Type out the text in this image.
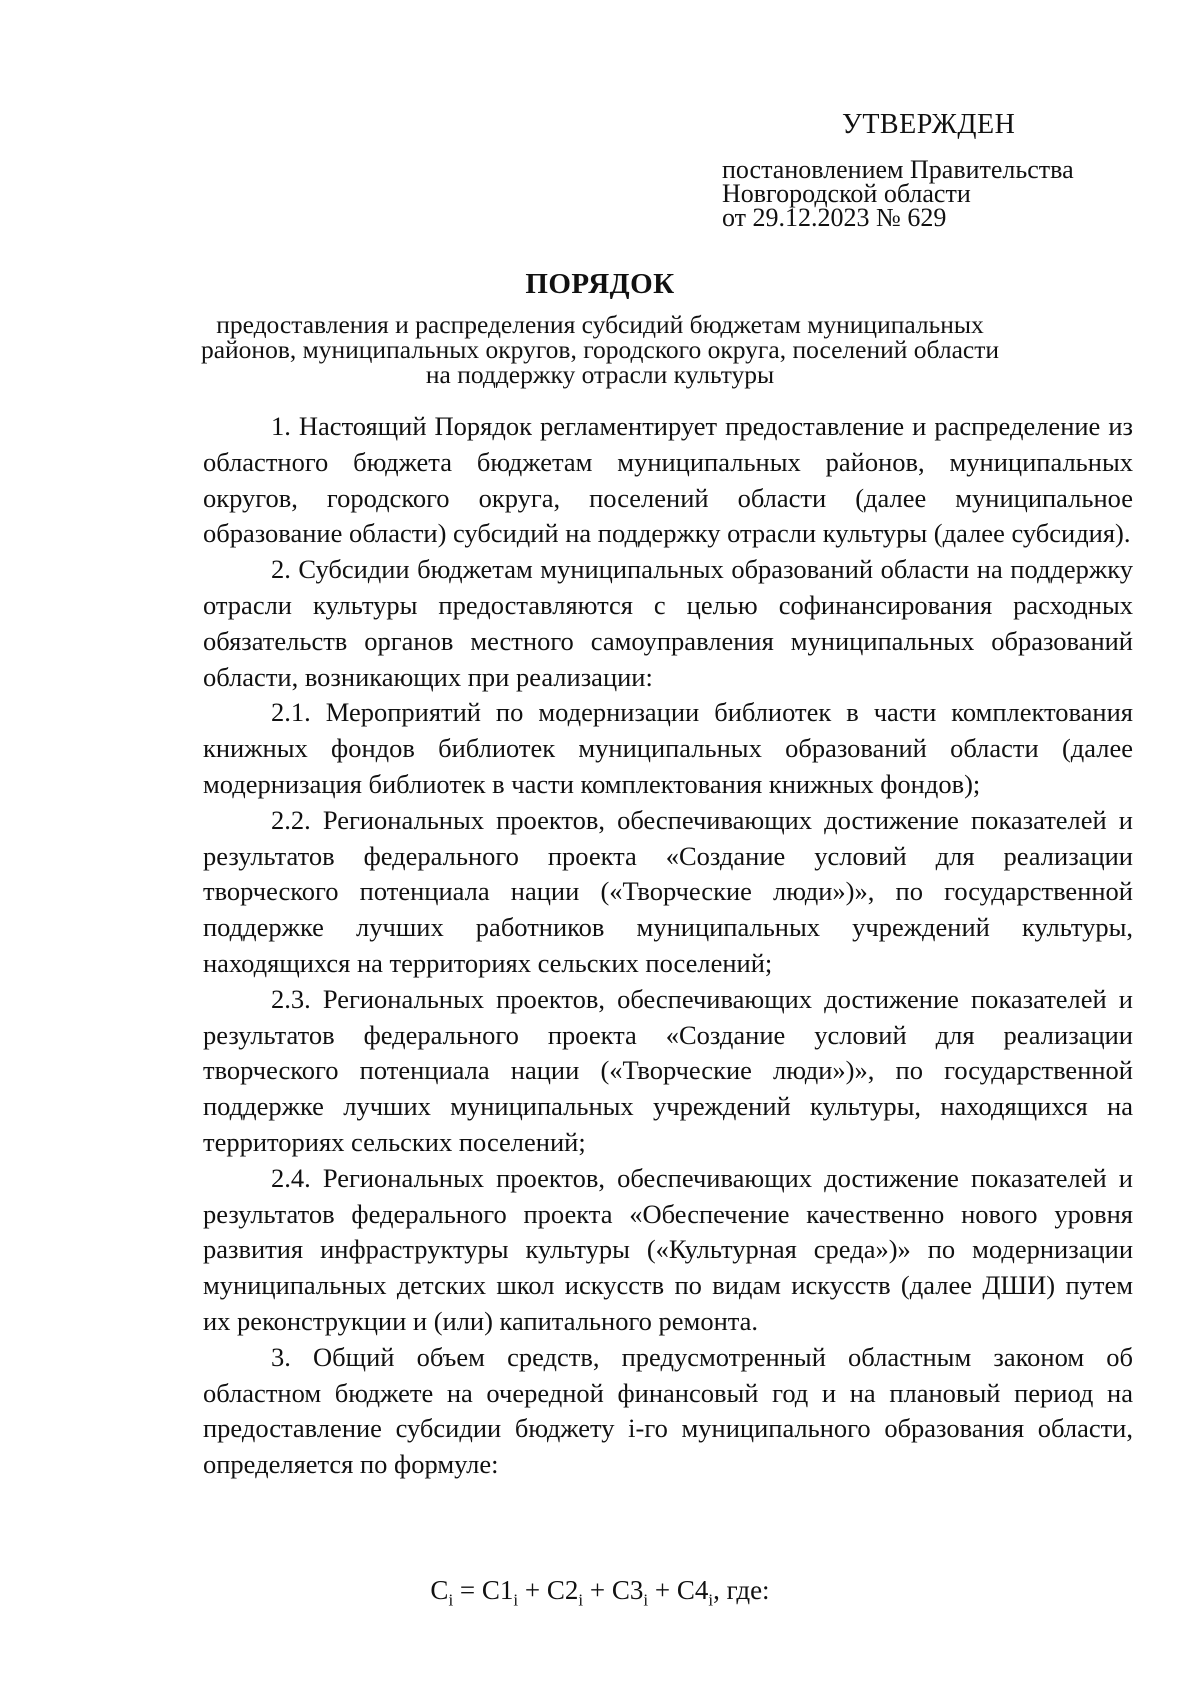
УТВЕРЖДЕН

постановлением Правительства

Новгородской области

от 29.12.2023 № 629

ПОРЯДОК

предоставления и распределения субсидий бюджетам муниципальных

районов, муниципальных округов, городского округа, поселений области

на поддержку отрасли культуры

1. Настоящий Порядок регламентирует предоставление и распределение из областного бюджета бюджетам муниципальных районов, муниципальных округов, городского округа, поселений области (далее муниципальное образование области) субсидий на поддержку отрасли культуры (далее субсидия).

2. Субсидии бюджетам муниципальных образований области на поддержку отрасли культуры предоставляются с целью софинансирования расходных обязательств органов местного самоуправления муниципальных образований области, возникающих при реализации:

2.1. Мероприятий по модернизации библиотек в части комплектования книжных фондов библиотек муниципальных образований области (далее модернизация библиотек в части комплектования книжных фондов);

2.2. Региональных проектов, обеспечивающих достижение показателей и результатов федерального проекта «Создание условий для реализации творческого потенциала нации («Творческие люди»)», по государственной поддержке лучших работников муниципальных учреждений культуры, находящихся на территориях сельских поселений;

2.3. Региональных проектов, обеспечивающих достижение показателей и результатов федерального проекта «Создание условий для реализации творческого потенциала нации («Творческие люди»)», по государственной поддержке лучших муниципальных учреждений культуры, находящихся на территориях сельских поселений;

2.4. Региональных проектов, обеспечивающих достижение показателей и результатов федерального проекта «Обеспечение качественно нового уровня развития инфраструктуры культуры («Культурная среда»)» по модернизации муниципальных детских школ искусств по видам искусств (далее ДШИ) путем их реконструкции и (или) капитального ремонта.

3. Общий объем средств, предусмотренный областным законом об областном бюджете на очередной финансовый год и на плановый период на предоставление субсидии бюджету i-го муниципального образования области, определяется по формуле:

$C_i = C1_i + C2_i + C3_i + C4_i$, где:
